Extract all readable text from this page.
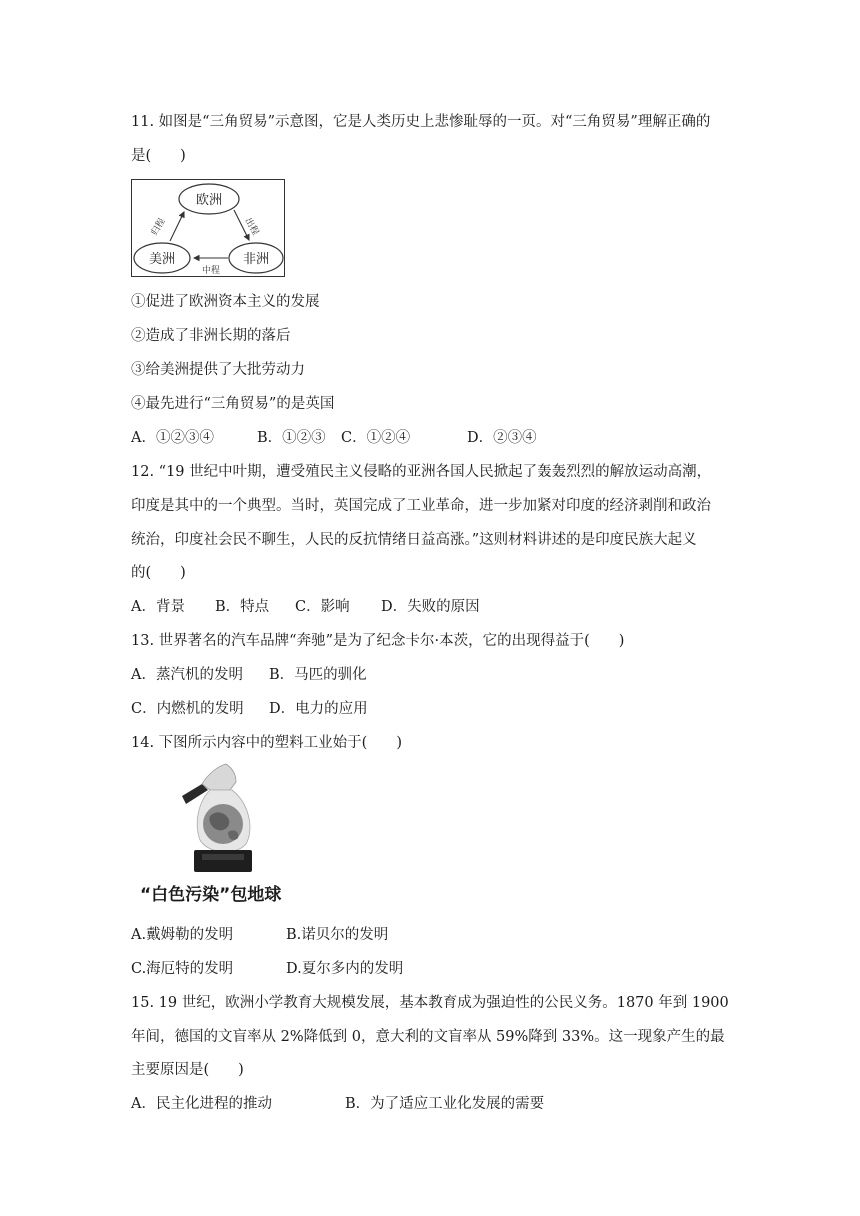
11. 如图是“三角贸易”示意图，它是人类历史上悲惨耻辱的一页。对“三角贸易”理解正确的
是(　　)
欧洲
美洲	非洲
出程
归程
中程
①促进了欧洲资本主义的发展
②造成了非洲长期的落后
③给美洲提供了大批劳动力
④最先进行“三角贸易”的是英国
A．①②③④	B．①②③ C．①②④	D．②③④
12. “19 世纪中叶期，遭受殖民主义侵略的亚洲各国人民掀起了轰轰烈烈的解放运动高潮，
印度是其中的一个典型。当时，英国完成了工业革命，进一步加紧对印度的经济剥削和政治
统治，印度社会民不聊生，人民的反抗情绪日益高涨。”这则材料讲述的是印度民族大起义
的(　　)
A．背景 B．特点 C．影响 D．失败的原因
13. 世界著名的汽车品牌“奔驰”是为了纪念卡尔·本茨，它的出现得益于(　　)
A．蒸汽机的发明 B．马匹的驯化
C．内燃机的发明 D．电力的应用
14. 下图所示内容中的塑料工业始于(　　)
“白色污染”包地球
A.戴姆勒的发明	B.诺贝尔的发明
C.海厄特的发明	D.夏尔多内的发明
15. 19 世纪，欧洲小学教育大规模发展，基本教育成为强迫性的公民义务。1870 年到 1900
年间，德国的文盲率从 2%降低到 0，意大利的文盲率从 59%降到 33%。这一现象产生的最
主要原因是(　　)
A．民主化进程的推动	B．为了适应工业化发展的需要
